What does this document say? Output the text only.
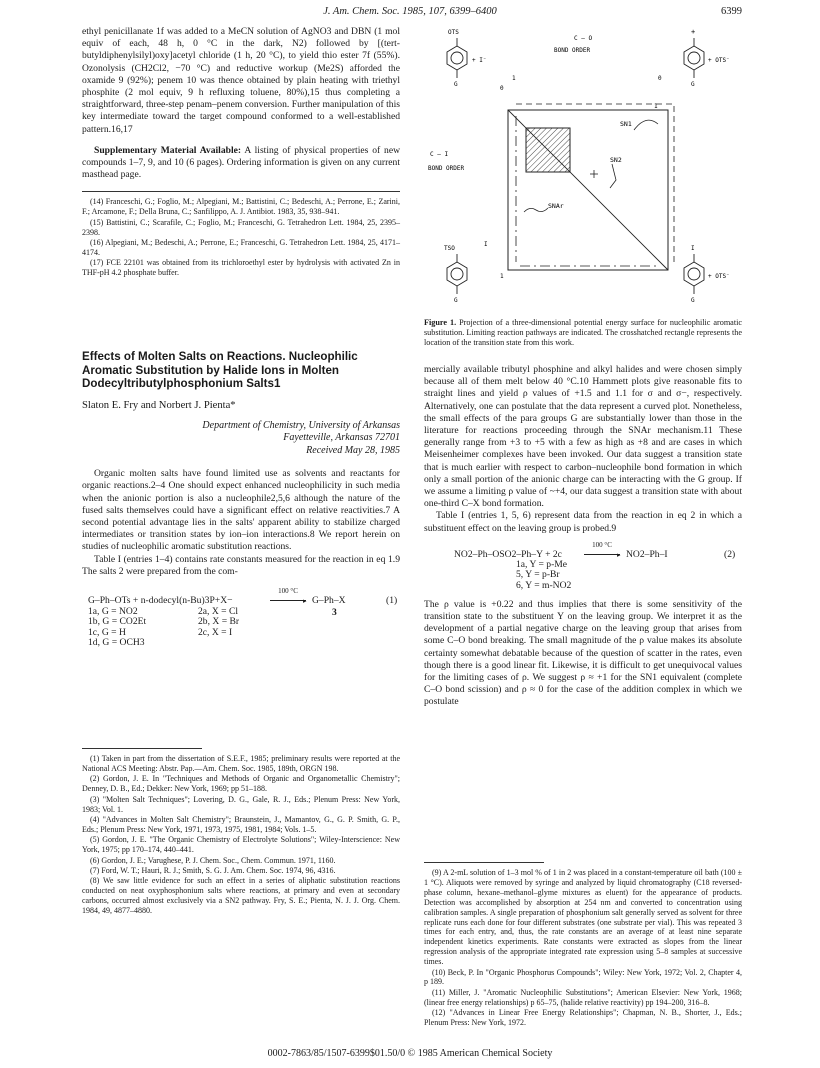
J. Am. Chem. Soc. 1985, 107, 6399–6400	6399

ethyl penicillanate 1f was added to a MeCN solution of AgNO3 and DBN (1 mol equiv of each, 48 h, 0 °C in the dark, N2) followed by [(tert-butyldiphenylsilyl)oxy]acetyl chloride (1 h, 20 °C), to yield thio ester 7f (55%). Ozonolysis (CH2Cl2, −70 °C) and reductive workup (Me2S) afforded the oxamide 9 (92%); penem 10 was thence obtained by plain heating with triethyl phosphite (2 mol equiv, 9 h refluxing toluene, 80%),15 thus completing a straightforward, three-step penam–penem conversion. Further manipulation of this key intermediate toward the target compound conformed to a well-established pattern.16,17

Supplementary Material Available: A listing of physical properties of new compounds 1–7, 9, and 10 (6 pages). Ordering information is given on any current masthead page.

(14) Franceschi, G.; Foglio, M.; Alpegiani, M.; Battistini, C.; Bedeschi, A.; Perrone, E.; Zarini, F.; Arcamone, F.; Della Bruna, C.; Sanfilippo, A. J. Antibiot. 1983, 35, 938–941.

(15) Battistini, C.; Scarafile, C.; Foglio, M.; Franceschi, G. Tetrahedron Lett. 1984, 25, 2395–2398.

(16) Alpegiani, M.; Bedeschi, A.; Perrone, E.; Franceschi, G. Tetrahedron Lett. 1984, 25, 4171–4174.

(17) FCE 22101 was obtained from its trichloroethyl ester by hydrolysis with activated Zn in THF-pH 4.2 phosphate buffer.

Effects of Molten Salts on Reactions. Nucleophilic Aromatic Substitution by Halide Ions in Molten Dodecyltributylphosphonium Salts1
Slaton E. Fry and Norbert J. Pienta*
Department of Chemistry, University of Arkansas
Fayetteville, Arkansas 72701
Received May 28, 1985

Organic molten salts have found limited use as solvents and reactants for organic reactions.2–4 One should expect enhanced nucleophilicity in such media when the anionic portion is also a nucleophile2,5,6 although the nature of the fused salts themselves could have a significant effect on relative reactivities.7 A second potential advantage lies in the salts' apparent ability to stabilize charged intermediates or transition states by ion–ion interactions.8 We report herein on studies of nucleophilic aromatic substitution reactions.

Table I (entries 1–4) contains rate constants measured for the reaction in eq 1.9 The salts 2 were prepared from the com-

G–Ph–OTs + n-dodecyl(n-Bu)3P+X−
100 °C
▸ G–Ph–X	(1)
3
1a, G = NO2
1b, G = CO2Et
1c, G = H
1d, G = OCH3
2a, X = Cl
2b, X = Br
2c, X = I

(1) Taken in part from the dissertation of S.E.F., 1985; preliminary results were reported at the National ACS Meeting: Abstr. Pap.—Am. Chem. Soc. 1985, 189th, ORGN 198.

(2) Gordon, J. E. In "Techniques and Methods of Organic and Organometallic Chemistry"; Denney, D. B., Ed.; Dekker: New York, 1969; pp 51–188.

(3) "Molten Salt Techniques"; Lovering, D. G., Gale, R. J., Eds.; Plenum Press: New York, 1983; Vol. 1.

(4) "Advances in Molten Salt Chemistry"; Braunstein, J., Mamantov, G., G. P. Smith, G. P., Eds.; Plenum Press: New York, 1971, 1973, 1975, 1981, 1984; Vols. 1–5.

(5) Gordon, J. E. "The Organic Chemistry of Electrolyte Solutions"; Wiley-Interscience: New York, 1975; pp 170–174, 440–441.

(6) Gordon, J. E.; Varughese, P. J. Chem. Soc., Chem. Commun. 1971, 1160.

(7) Ford, W. T.; Hauri, R. J.; Smith, S. G. J. Am. Chem. Soc. 1974, 96, 4316.

(8) We saw little evidence for such an effect in a series of aliphatic substitution reactions conducted on neat oxyphosphonium salts where reactions, at primary and even at secondary carbons, occurred almost exclusively via a SN2 pathway. Fry, S. E.; Pienta, N. J. J. Org. Chem. 1984, 49, 4877–4880.

OTS
+ I⁻
+
+ OTS⁻
TSO
+ OTS⁻
G	G
G	G
I
I
C – O
BOND ORDER
C – I
BOND ORDER
0
0
1
1
1
SN1
SN2
SNAr
Figure 1. Projection of a three-dimensional potential energy surface for nucleophilic aromatic substitution. Limiting reaction pathways are indicated. The crosshatched rectangle represents the location of the transition state from this work.

mercially available tributyl phosphine and alkyl halides and were chosen simply because all of them melt below 40 °C.10 Hammett plots give reasonable fits to straight lines and yield ρ values of +1.5 and 1.1 for σ and σ−, respectively. Alternatively, one can postulate that the data represent a curved plot. Nonetheless, the small effects of the para groups G are substantially lower than those in the literature for reactions proceeding through the SNAr mechanism.11 These generally range from +3 to +5 with a few as high as +8 and are cases in which Meisenheimer complexes have been invoked. Our data suggest a transition state that is much earlier with respect to carbon–nucleophile bond formation in which only a small portion of the anionic charge can be interacting with the G group. If we assume a limiting ρ value of ~+4, our data suggest a transition state with about one-third C–X bond formation.

Table I (entries 1, 5, 6) represent data from the reaction in eq 2 in which a substituent effect on the leaving group is probed.9

NO2–Ph–OSO2–Ph–Y + 2c
100 °C
▸ NO2–Ph–I	(2)
1a, Y = p-Me
5, Y = p-Br
6, Y = m-NO2

The ρ value is +0.22 and thus implies that there is some sensitivity of the transition state to the substituent Y on the leaving group. We interpret it as the development of a partial negative charge on the leaving group that arises from some C–O bond breaking. The small magnitude of the ρ value makes its absolute certainty somewhat debatable because of the question of scatter in the rates, even though there is a good linear fit. Likewise, it is difficult to get unequivocal values for the limiting cases of ρ. We suggest ρ ≈ +1 for the SN1 equivalent (complete C–O bond scission) and ρ ≈ 0 for the case of the addition complex in which we postulate

(9) A 2-mL solution of 1–3 mol % of 1 in 2 was placed in a constant-temperature oil bath (100 ± 1 °C). Aliquots were removed by syringe and analyzed by liquid chromatography (C18 reversed-phase column, hexane–methanol–glyme mixtures as eluent) for the appearance of products. Detection was accomplished by absorption at 254 nm and converted to concentration using calibration samples. A single preparation of phosphonium salt generally served as solvent for three replicate runs each done for four different substrates (one substrate per vial). This was repeated 3 times for each entry, and, thus, the rate constants are an average of at least nine separate independent kinetics experiments. Rate constants were extracted as slopes from the linear regression analysis of the appropriate integrated rate expression using 5–8 samples at successive times.

(10) Beck, P. In "Organic Phosphorus Compounds"; Wiley: New York, 1972; Vol. 2, Chapter 4, p 189.

(11) Miller, J. "Aromatic Nucleophilic Substitutions"; American Elsevier: New York, 1968; (linear free energy relationships) p 65–75, (halide relative reactivity) pp 194–200, 316–8.

(12) "Advances in Linear Free Energy Relationships"; Chapman, N. B., Shorter, J., Eds.; Plenum Press: New York, 1972.

0002-7863/85/1507-6399$01.50/0 © 1985 American Chemical Society
